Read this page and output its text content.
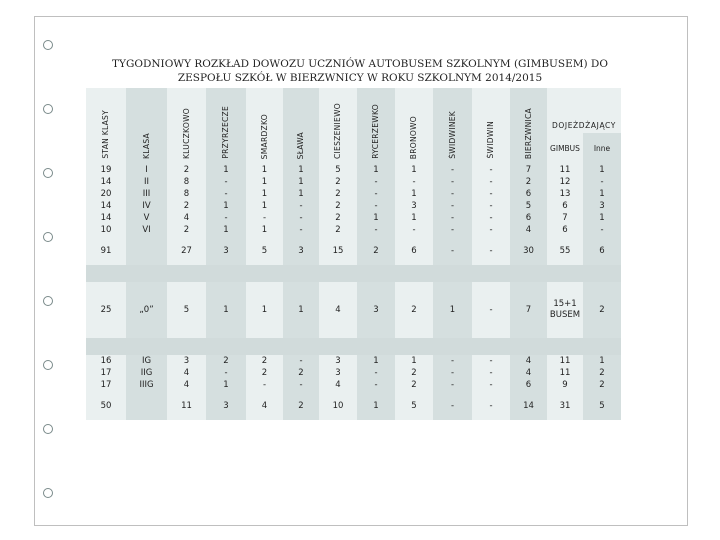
TYGODNIOWY ROZKŁAD DOWOZU UCZNIÓW AUTOBUSEM SZKOLNYM (GIMBUSEM) DO ZESPOŁU SZKÓŁ W BIERZWNICY W ROKU SZKOLNYM 2014/2015
STAN KLASY	KLASA	KLUCZKOWO	PRZYRZECZE	SMARDZKO	SŁAWA	CIESZENIEWO	RYCERZEWKO	BRONOWO	ŚWIDWINEK	ŚWIDWIN	BIERZWNICA	DOJEŻDŻAJĄCY	
												GIMBUS	Inne
19	I	2	1	1	1	5	1	1	-	-	7	11	1
14	II	8	-	1	1	2	-	-	-	-	2	12	-
20	III	8	-	1	1	2	-	1	-	-	6	13	1
14	IV	2	1	1	-	2	-	3	-	-	5	6	3
14	V	4	-	-	-	2	1	1	-	-	6	7	1
10	VI	2	1	1	-	2	-	-	-	-	4	6	-
91		27	3	5	3	15	2	6	-	-	30	55	6

25	„0”	5	1	1	1	4	3	2	1	-	7	15+1 BUSEM	2

16	IG	3	2	2	-	3	1	1	-	-	4	11	1
17	IIG	4	-	2	2	3	-	2	-	-	4	11	2
17	IIIG	4	1	-	-	4	-	2	-	-	6	9	2
50		11	3	4	2	10	1	5	-	-	14	31	5
